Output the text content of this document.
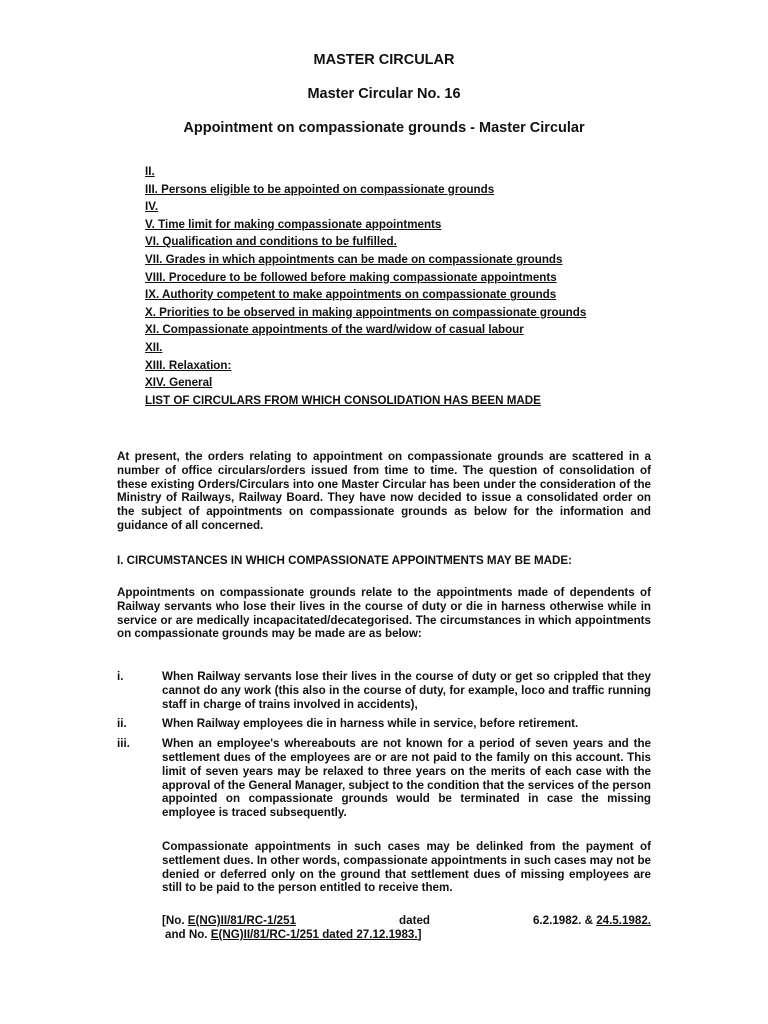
MASTER CIRCULAR
Master Circular No. 16
Appointment on compassionate grounds - Master Circular
II.
III. Persons eligible to be appointed on compassionate grounds
IV.
V. Time limit for making compassionate appointments
VI. Qualification and conditions to be fulfilled.
VII. Grades in which appointments can be made on compassionate grounds
VIII. Procedure to be followed before making compassionate appointments
IX. Authority competent to make appointments on compassionate grounds
X. Priorities to be observed in making appointments on compassionate grounds
XI. Compassionate appointments of the ward/widow of casual labour
XII.
XIII. Relaxation:
XIV. General
LIST OF CIRCULARS FROM WHICH CONSOLIDATION HAS BEEN MADE

At present, the orders relating to appointment on compassionate grounds are scattered in a number of office circulars/orders issued from time to time. The question of consolidation of these existing Orders/Circulars into one Master Circular has been under the consideration of the Ministry of Railways, Railway Board. They have now decided to issue a consolidated order on the subject of appointments on compassionate grounds as below for the information and guidance of all concerned.

I. CIRCUMSTANCES IN WHICH COMPASSIONATE APPOINTMENTS MAY BE MADE:

Appointments on compassionate grounds relate to the appointments made of dependents of Railway servants who lose their lives in the course of duty or die in harness otherwise while in service or are medically incapacitated/decategorised. The circumstances in which appointments on compassionate grounds may be made are as below:

i.	When Railway servants lose their lives in the course of duty or get so crippled that they cannot do any work (this also in the course of duty, for example, loco and traffic running staff in charge of trains involved in accidents),
ii.	When Railway employees die in harness while in service, before retirement.
iii.	When an employee's whereabouts are not known for a period of seven years and the settlement dues of the employees are or are not paid to the family on this account. This limit of seven years may be relaxed to three years on the merits of each case with the approval of the General Manager, subject to the condition that the services of the person appointed on compassionate grounds would be terminated in case the missing employee is traced subsequently.

Compassionate appointments in such cases may be delinked from the payment of settlement dues. In other words, compassionate appointments in such cases may not be denied or deferred only on the ground that settlement dues of missing employees are still to be paid to the person entitled to receive them.

[No. E(NG)II/81/RC-1/251	dated	6.2.1982. & 24.5.1982.
and No. E(NG)II/81/RC-1/251 dated 27.12.1983.]
